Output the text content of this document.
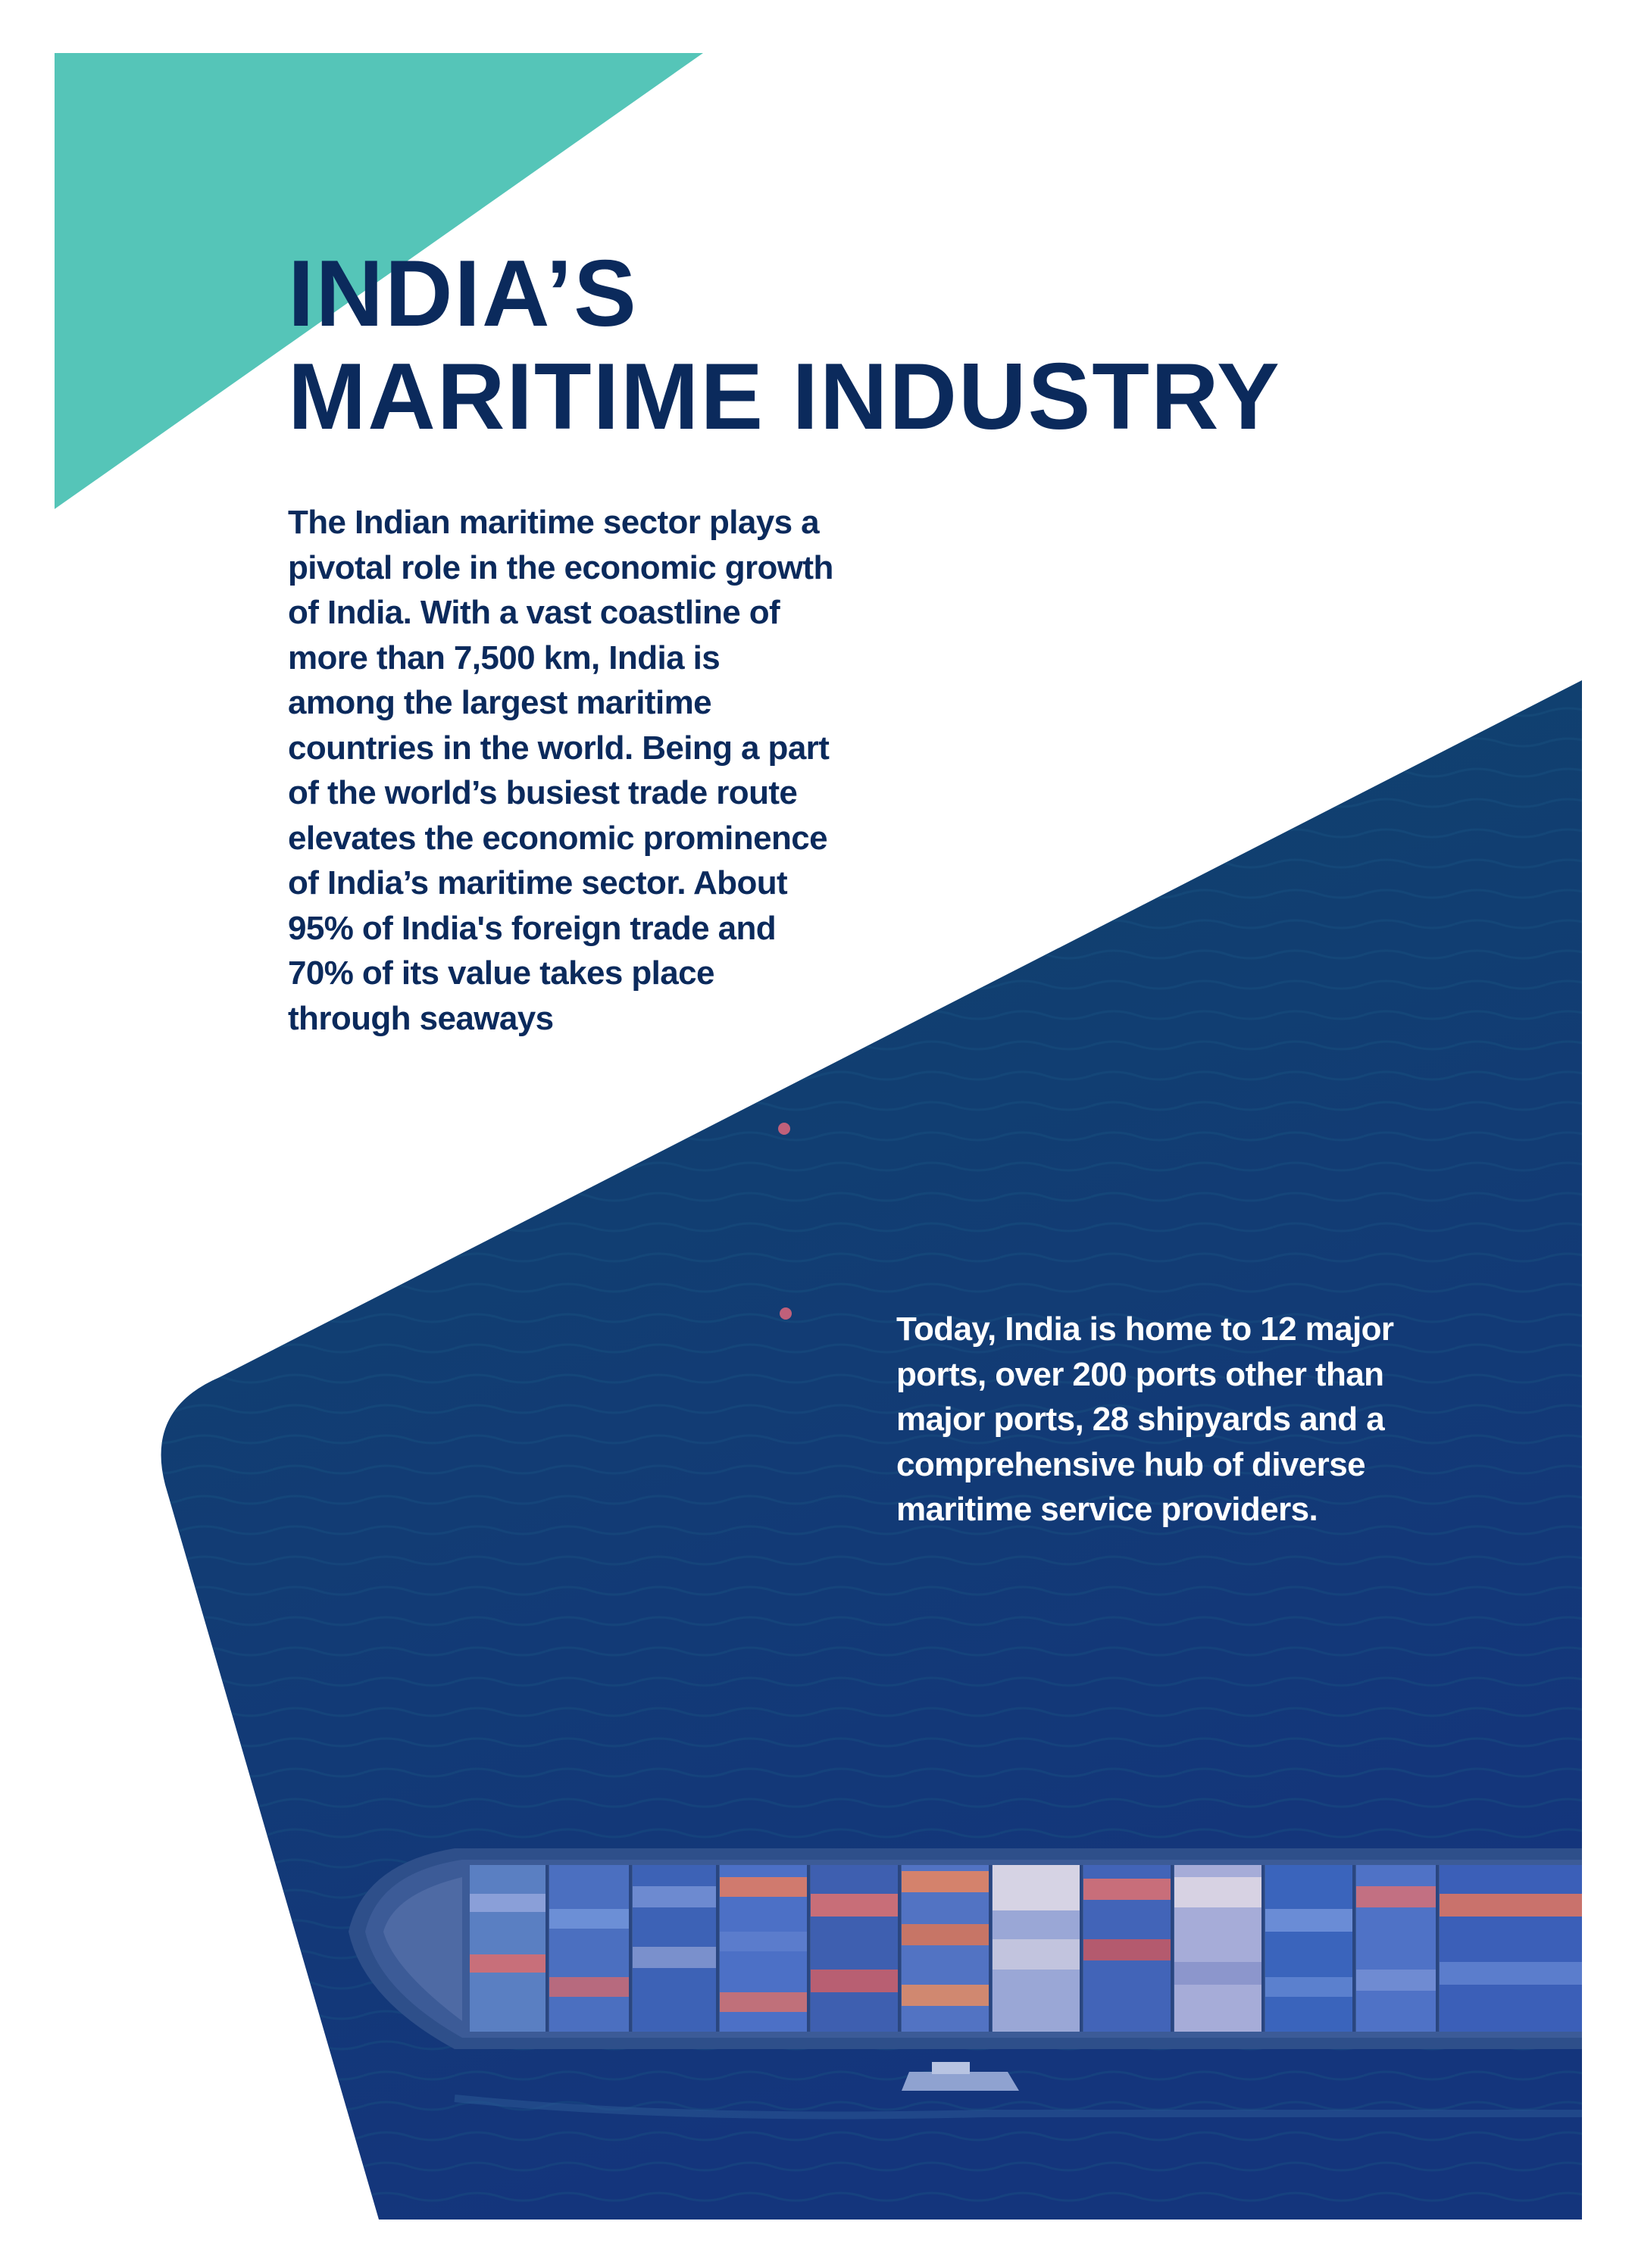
INDIA’S
MARITIME INDUSTRY

The Indian maritime sector plays a pivotal role in the economic growth of India. With a vast coastline of more than 7,500 km, India is among the largest maritime countries in the world. Being a part of the world’s busiest trade route elevates the economic prominence of India’s maritime sector. About 95% of India's foreign trade and 70% of its value takes place through seaways

Today, India is home to 12 major ports, over 200 ports other than major ports, 28 shipyards and a comprehensive hub of diverse maritime service providers.
